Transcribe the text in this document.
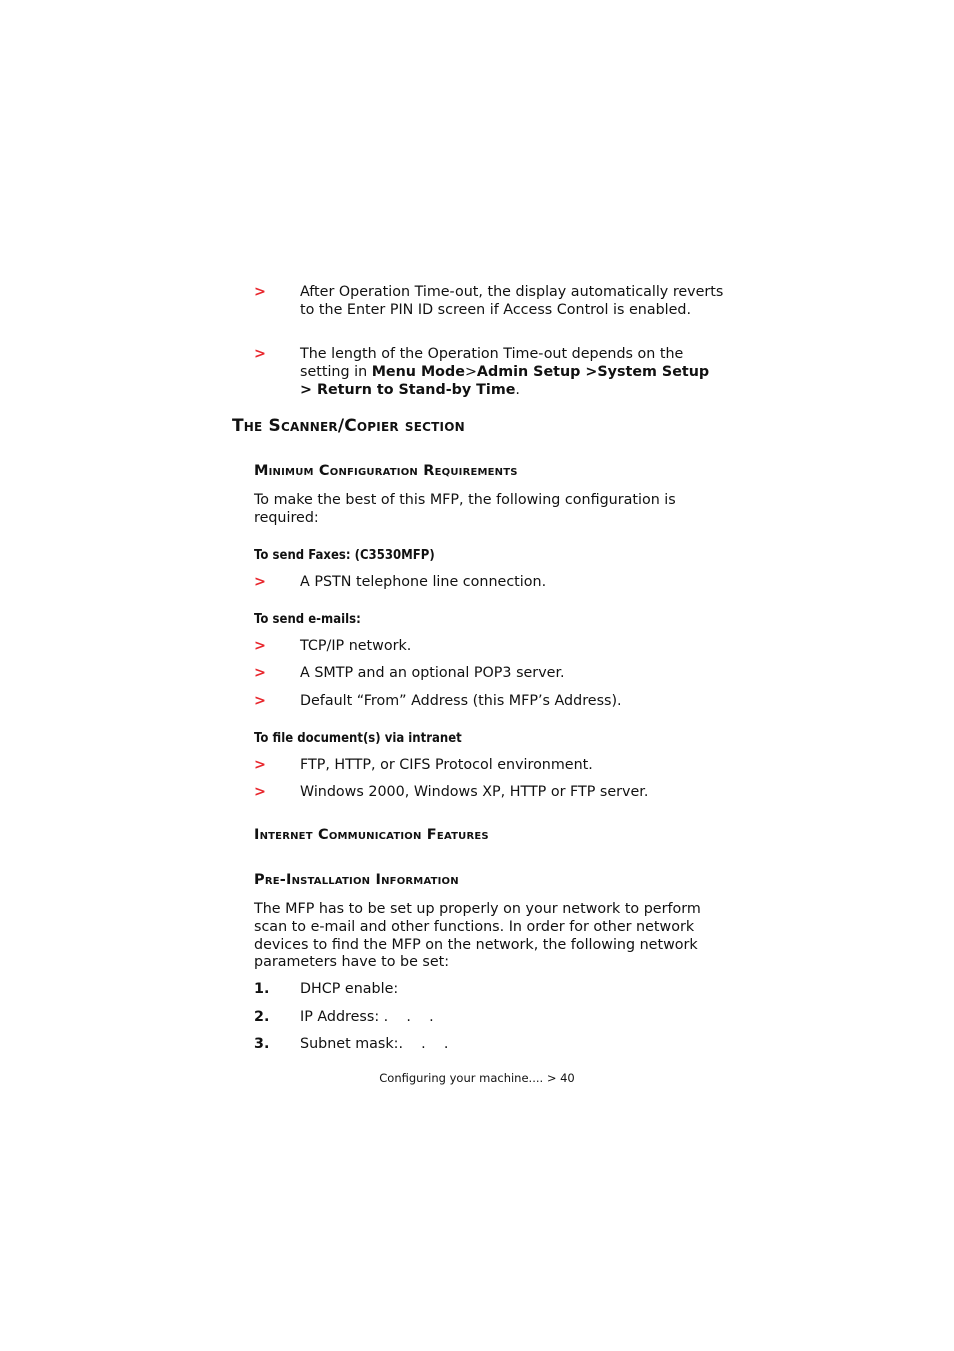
> After Operation Time-out, the display automatically reverts to the Enter PIN ID screen if Access Control is enabled.
> The length of the Operation Time-out depends on the setting in Menu Mode>Admin Setup >System Setup > Return to Stand-by Time.
The Scanner/Copier section
Minimum Configuration Requirements
To make the best of this MFP, the following configuration is required:
To send Faxes: (C3530MFP)
> A PSTN telephone line connection.
To send e-mails:
> TCP/IP network.
> A SMTP and an optional POP3 server.
> Default “From” Address (this MFP’s Address).
To file document(s) via intranet
> FTP, HTTP, or CIFS Protocol environment.
> Windows 2000, Windows XP, HTTP or FTP server.
Internet Communication Features
Pre-Installation Information
The MFP has to be set up properly on your network to perform scan to e-mail and other functions. In order for other network devices to find the MFP on the network, the following network parameters have to be set:
1. DHCP enable:
2. IP Address: .    .    .
3. Subnet mask:.    .    .
Configuring your machine.... > 40
